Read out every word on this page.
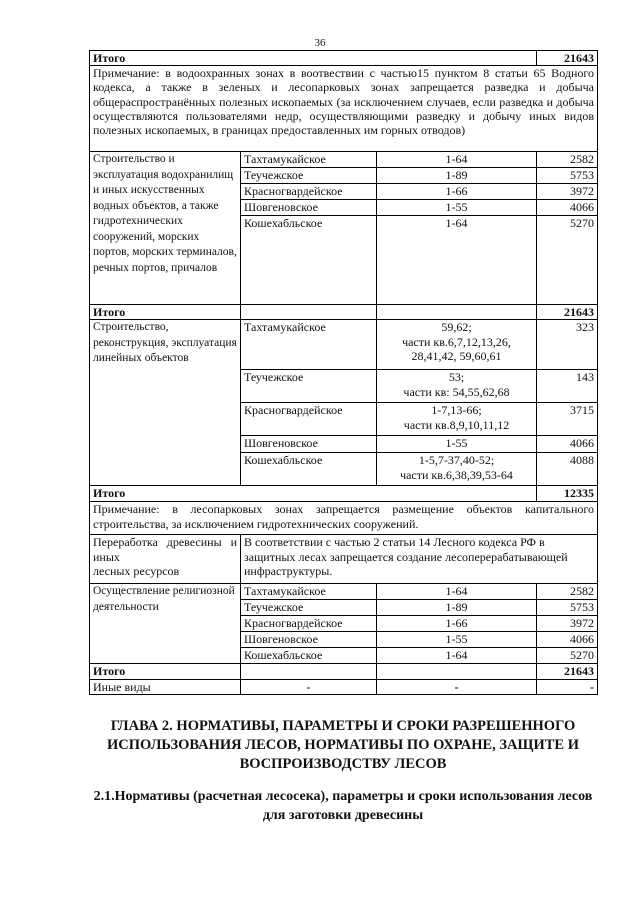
36
Итого			21643
Примечание: в водоохранных зонах в воотвествии с частью15 пунктом 8 статьи 65 Водного кодекса, а также в зеленых и лесопарковых зонах запрещается разведка и добыча общераспространённых полезных ископаемых (за исключением случаев, если разведка и добыча осуществляются пользователями недр, осуществляющими разведку и добычу иных видов полезных ископаемых, в границах предоставленных им горных отводов)			
Строительство и эксплуатация водохранилищ и иных искусственных водных объектов, а также гидротехнических сооружений, морских портов, морских терминалов, речных портов, причалов	Тахтамукайское	1-64	2582
	Теучежское	1-89	5753
	Красногвардейское	1-66	3972
	Шовгеновское	1-55	4066
	Кошехабльское	1-64	5270
Итого			21643
Строительство, реконструкция, эксплуатация линейных объектов	Тахтамукайское	59,62;
части кв.6,7,12,13,26,
28,41,42, 59,60,61	323
	Теучежское	53;
части кв: 54,55,62,68	143
	Красногвардейское	1-7,13-66;
части кв.8,9,10,11,12	3715
	Шовгеновское	1-55	4066
	Кошехабльское	1-5,7-37,40-52;
части кв.6,38,39,53-64	4088
Итого			12335
Примечание: в лесопарковых зонах запрещается размещение объектов капитального строительства, за исключением гидротехнических сооружений.			

Переработка древесины и иных
лесных ресурсов	В соответствии с частью 2 статьи 14 Лесного кодекса РФ в защитных лесах запрещается создание лесоперерабатывающей инфраструктуры.		
Осуществление религиозной деятельности	Тахтамукайское	1-64	2582
	Теучежское	1-89	5753
	Красногвардейское	1-66	3972
	Шовгеновское	1-55	4066
	Кошехабльское	1-64	5270
Итого			21643
Иные виды	-	-	-
ГЛАВА 2. НОРМАТИВЫ, ПАРАМЕТРЫ И СРОКИ РАЗРЕШЕННОГО ИСПОЛЬЗОВАНИЯ ЛЕСОВ, НОРМАТИВЫ ПО ОХРАНЕ, ЗАЩИТЕ И ВОСПРОИЗВОДСТВУ ЛЕСОВ
2.1.Нормативы (расчетная лесосека), параметры и сроки использования лесов для заготовки древесины
